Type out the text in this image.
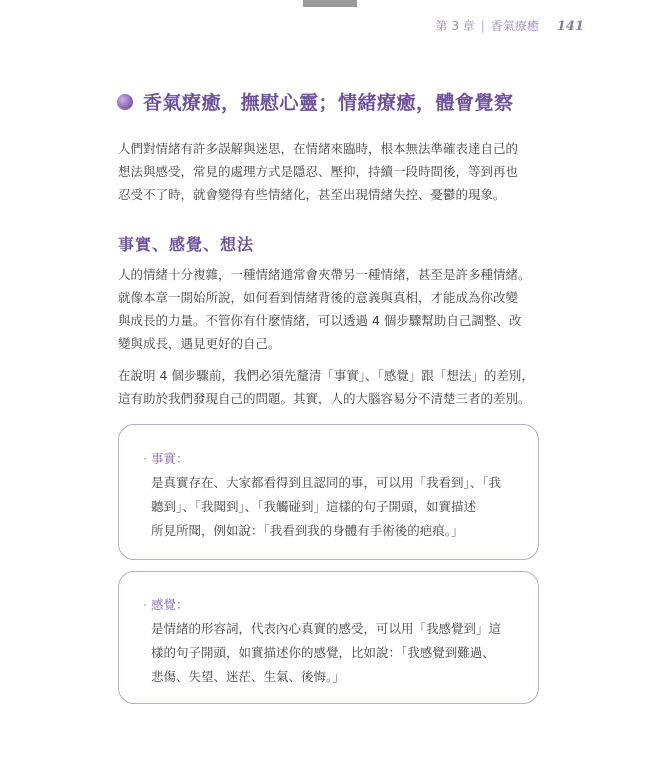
第 3 章 | 香氣療癒 141
香氣療癒，撫慰心靈；情緒療癒，體會覺察
人們對情緒有許多誤解與迷思，在情緒來臨時，根本無法準確表達自己的
想法與感受，常見的處理方式是隱忍、壓抑，持續一段時間後，等到再也
忍受不了時，就會變得有些情緒化，甚至出現情緒失控、憂鬱的現象。
事實、感覺、想法
人的情緒十分複雜，一種情緒通常會夾帶另一種情緒，甚至是許多種情緒。
就像本章一開始所說，如何看到情緒背後的意義與真相，才能成為你改變
與成長的力量。不管你有什麼情緒，可以透過 4 個步驟幫助自己調整、改
變與成長，遇見更好的自己。
在說明 4 個步驟前，我們必須先釐清「事實」、「感覺」跟「想法」的差別，
這有助於我們發現自己的問題。其實，人的大腦容易分不清楚三者的差別。
· 事實：
是真實存在、大家都看得到且認同的事，可以用「我看到」、「我
聽到」、「我聞到」、「我觸碰到」這樣的句子開頭，如實描述
所見所聞，例如說：「我看到我的身體有手術後的疤痕。」
· 感覺：
是情緒的形容詞，代表內心真實的感受，可以用「我感覺到」這
樣的句子開頭，如實描述你的感覺，比如說：「我感覺到難過、
悲傷、失望、迷茫、生氣、後悔。」
